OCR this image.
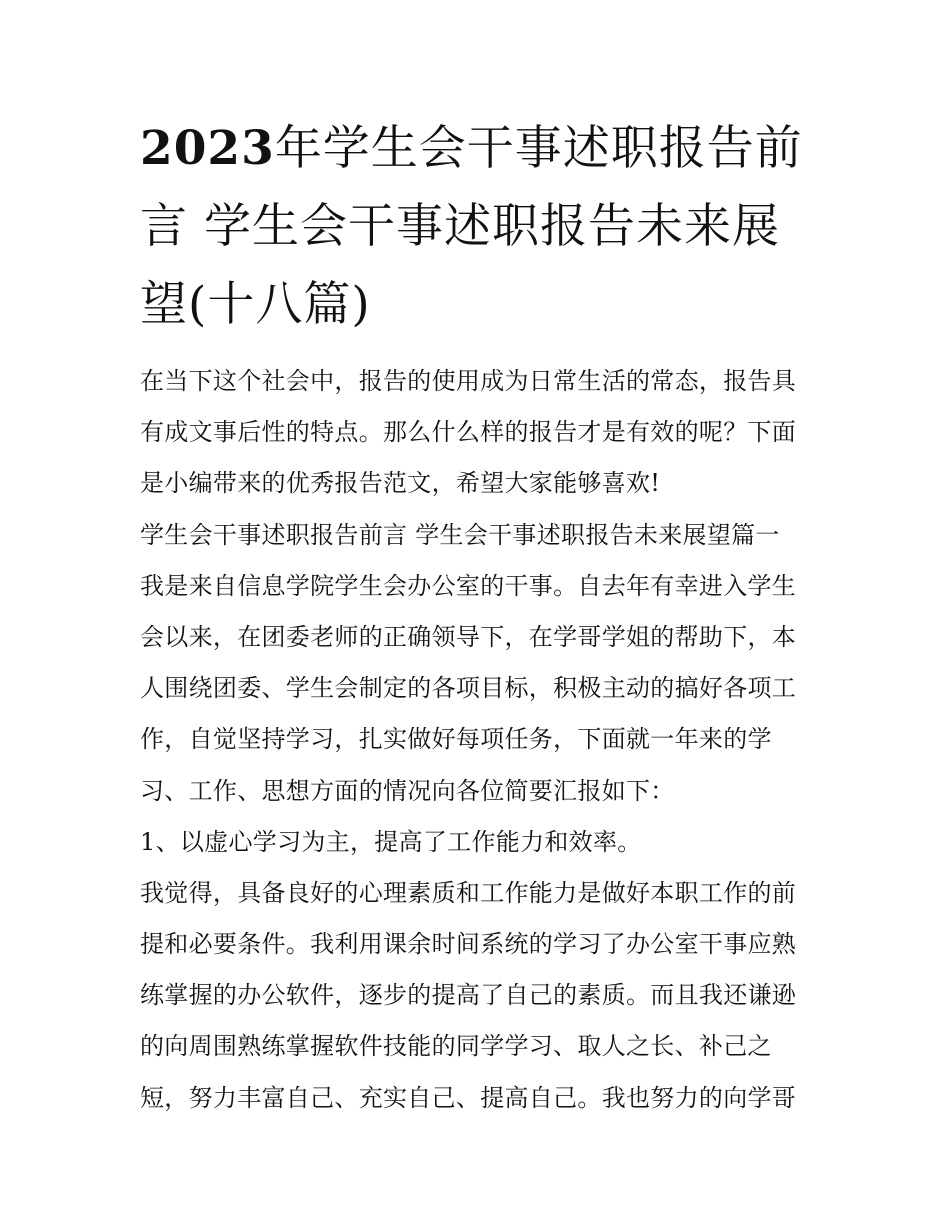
2023年学生会干事述职报告前
言 学生会干事述职报告未来展
望(十八篇)
在当下这个社会中，报告的使用成为日常生活的常态，报告具
有成文事后性的特点。那么什么样的报告才是有效的呢？下面
是小编带来的优秀报告范文，希望大家能够喜欢!
学生会干事述职报告前言 学生会干事述职报告未来展望篇一
我是来自信息学院学生会办公室的干事。自去年有幸进入学生
会以来，在团委老师的正确领导下，在学哥学姐的帮助下，本
人围绕团委、学生会制定的各项目标，积极主动的搞好各项工
作，自觉坚持学习，扎实做好每项任务，下面就一年来的学
习、工作、思想方面的情况向各位简要汇报如下：
1、以虚心学习为主，提高了工作能力和效率。
我觉得，具备良好的心理素质和工作能力是做好本职工作的前
提和必要条件。我利用课余时间系统的学习了办公室干事应熟
练掌握的办公软件，逐步的提高了自己的素质。而且我还谦逊
的向周围熟练掌握软件技能的同学学习、取人之长、补己之
短，努力丰富自己、充实自己、提高自己。我也努力的向学哥
